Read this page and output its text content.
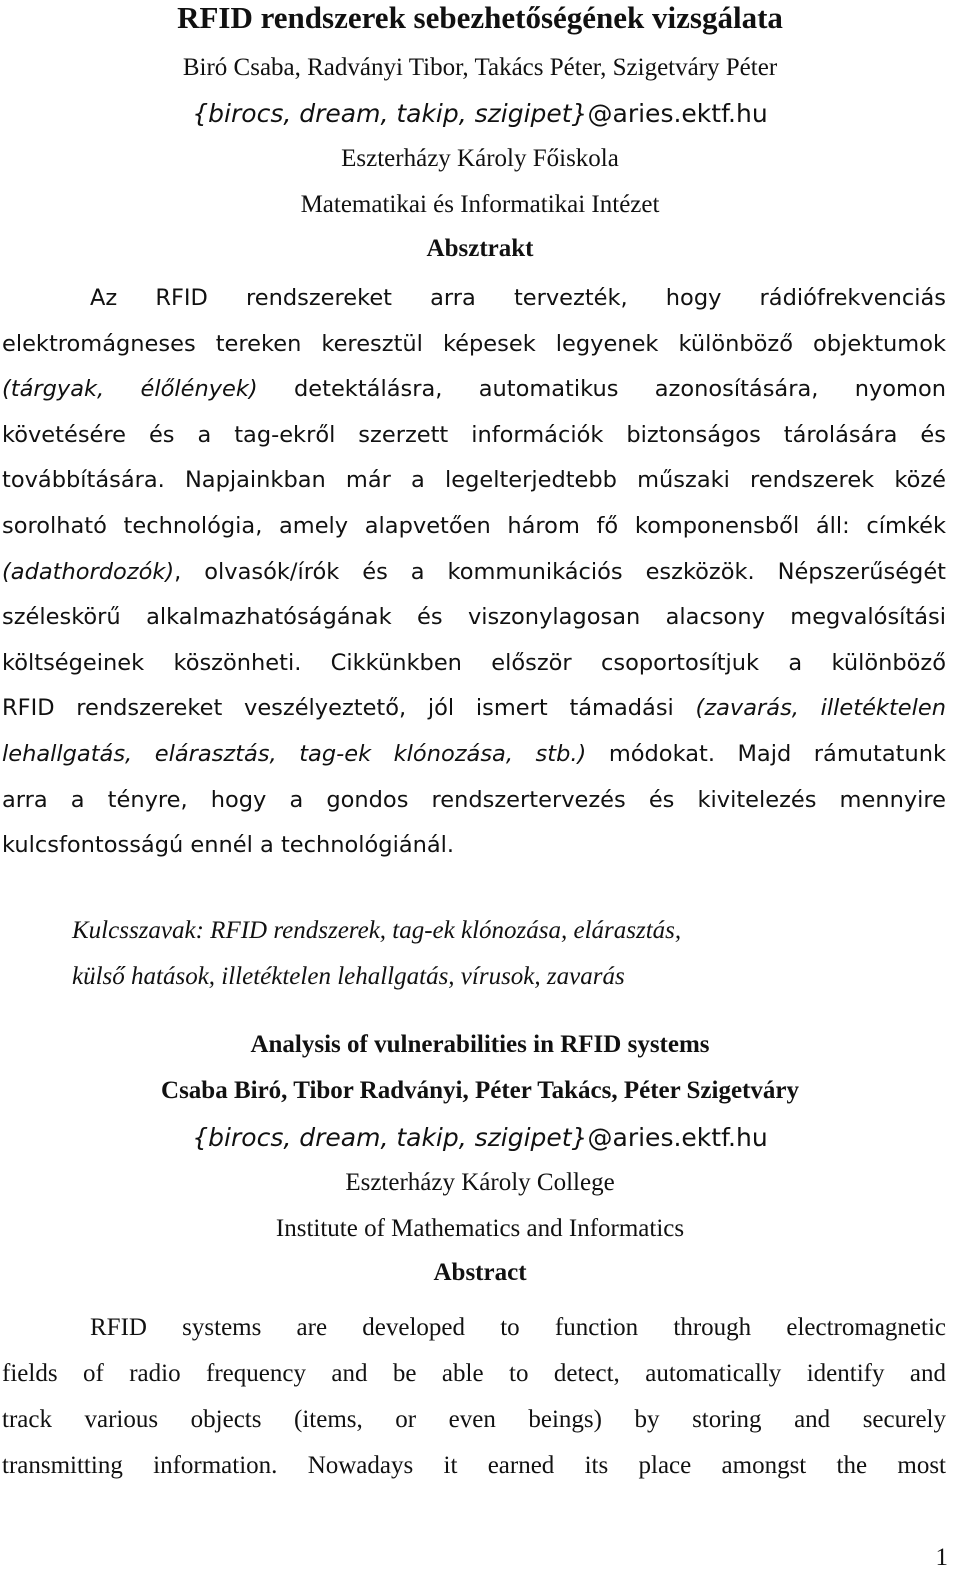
RFID rendszerek sebezhetőségének vizsgálata
Biró Csaba, Radványi Tibor, Takács Péter, Szigetváry Péter
{birocs, dream, takip, szigipet}@aries.ektf.hu
Eszterházy Károly Főiskola
Matematikai és Informatikai Intézet
Absztrakt
Az RFID rendszereket arra tervezték, hogy rádiófrekvenciás
elektromágneses tereken keresztül képesek legyenek különböző objektumok
(tárgyak, élőlények) detektálásra, automatikus azonosítására, nyomon
követésére és a tag-ekről szerzett információk biztonságos tárolására és
továbbítására. Napjainkban már a legelterjedtebb műszaki rendszerek közé
sorolható technológia, amely alapvetően három fő komponensből áll: címkék
(adathordozók), olvasók/írók és a kommunikációs eszközök. Népszerűségét
széleskörű alkalmazhatóságának és viszonylagosan alacsony megvalósítási
költségeinek köszönheti. Cikkünkben először csoportosítjuk a különböző
RFID rendszereket veszélyeztető, jól ismert támadási (zavarás, illetéktelen
lehallgatás, elárasztás, tag-ek klónozása, stb.) módokat. Majd rámutatunk
arra a tényre, hogy a gondos rendszertervezés és kivitelezés mennyire
kulcsfontosságú ennél a technológiánál.
Kulcsszavak: RFID rendszerek, tag-ek klónozása, elárasztás,
külső hatások, illetéktelen lehallgatás, vírusok, zavarás
Analysis of vulnerabilities in RFID systems
Csaba Biró, Tibor Radványi, Péter Takács, Péter Szigetváry
{birocs, dream, takip, szigipet}@aries.ektf.hu
Eszterházy Károly College
Institute of Mathematics and Informatics
Abstract
RFID systems are developed to function through electromagnetic
fields of radio frequency and be able to detect, automatically identify and
track various objects (items, or even beings) by storing and securely
transmitting information. Nowadays it earned its place amongst the most
1
